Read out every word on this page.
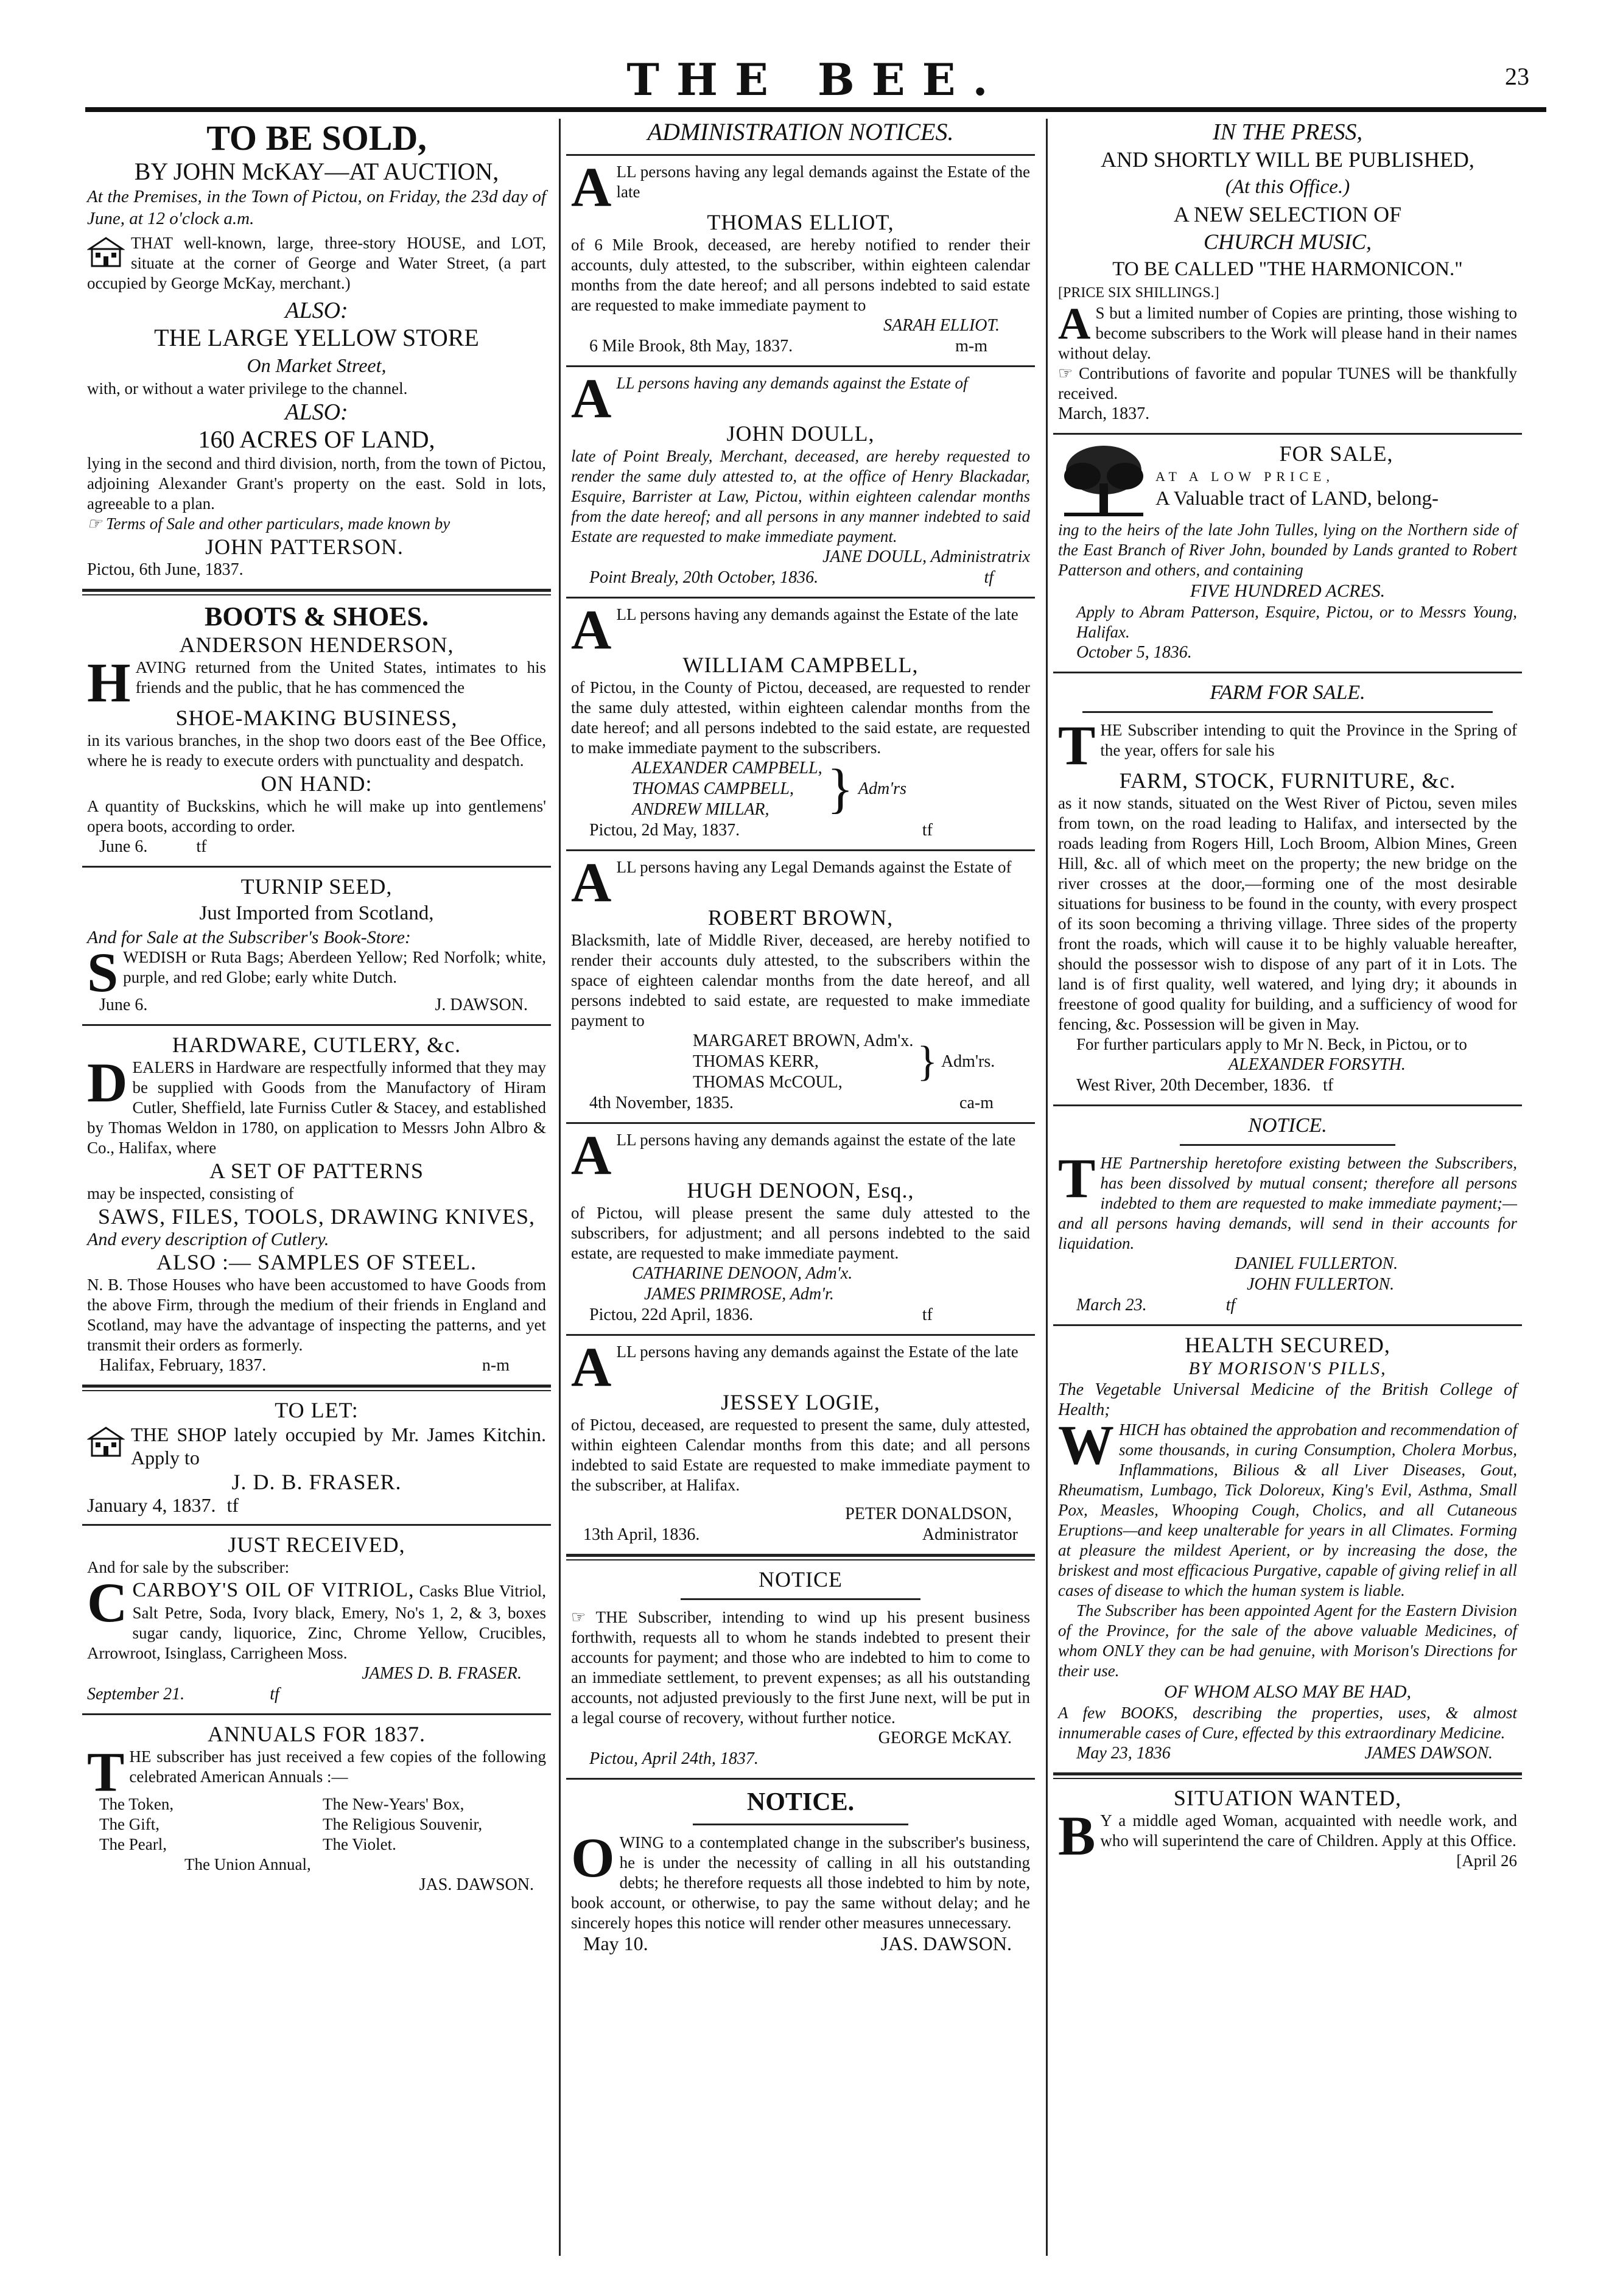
THE BEE.	23

TO BE SOLD,

BY JOHN McKAY—AT AUCTION,

At the Premises, in the Town of Pictou, on Friday, the 23d day of June, at 12 o'clock a.m.

THAT well-known, large, three-story HOUSE, and LOT, situate at the corner of George and Water Street, (a part occupied by George McKay, merchant.)

ALSO:

THE LARGE YELLOW STORE

On Market Street,

with, or without a water privilege to the channel.

ALSO:

160 ACRES OF LAND,

lying in the second and third division, north, from the town of Pictou, adjoining Alexander Grant's property on the east. Sold in lots, agreeable to a plan.

☞ Terms of Sale and other particulars, made known by

JOHN PATTERSON.

Pictou, 6th June, 1837.

BOOTS & SHOES.

ANDERSON HENDERSON,

HAVING returned from the United States, intimates to his friends and the public, that he has commenced the

SHOE-MAKING BUSINESS,

in its various branches, in the shop two doors east of the Bee Office, where he is ready to execute orders with punctuality and despatch.

ON HAND:

A quantity of Buckskins, which he will make up into gentlemens' opera boots, according to order.

June 6.	tf

TURNIP SEED,

Just Imported from Scotland,

And for Sale at the Subscriber's Book-Store:

SWEDISH or Ruta Bags; Aberdeen Yellow; Red Norfolk; white, purple, and red Globe; early white Dutch.

June 6.	J. DAWSON.

HARDWARE, CUTLERY, &c.

DEALERS in Hardware are respectfully informed that they may be supplied with Goods from the Manufactory of Hiram Cutler, Sheffield, late Furniss Cutler & Stacey, and established by Thomas Weldon in 1780, on application to Messrs John Albro & Co., Halifax, where

A SET OF PATTERNS

may be inspected, consisting of

SAWS, FILES, TOOLS, DRAWING KNIVES,

And every description of Cutlery.

ALSO :— SAMPLES OF STEEL.

N. B. Those Houses who have been accustomed to have Goods from the above Firm, through the medium of their friends in England and Scotland, may have the advantage of inspecting the patterns, and yet transmit their orders as formerly.

Halifax, February, 1837.	n-m

TO LET:

THE SHOP lately occupied by Mr. James Kitchin. Apply to

J. D. B. FRASER.

January 4, 1837. tf

JUST RECEIVED,

And for sale by the subscriber:

CCARBOY'S OIL OF VITRIOL, Casks Blue Vitriol, Salt Petre, Soda, Ivory black, Emery, No's 1, 2, & 3, boxes sugar candy, liquorice, Zinc, Chrome Yellow, Crucibles, Arrowroot, Isinglass, Carrigheen Moss.

JAMES D. B. FRASER.

September 21.	tf

ANNUALS FOR 1837.

THE subscriber has just received a few copies of the following celebrated American Annuals :—

The Token,	The New-Years' Box,
The Gift,	The Religious Souvenir,
The Pearl,	The Violet.

The Union Annual,

JAS. DAWSON.

ADMINISTRATION NOTICES.

ALL persons having any legal demands against the Estate of the late

THOMAS ELLIOT,

of 6 Mile Brook, deceased, are hereby notified to render their accounts, duly attested, to the subscriber, within eighteen calendar months from the date hereof; and all persons indebted to said estate are requested to make immediate payment to

SARAH ELLIOT.

6 Mile Brook, 8th May, 1837.	m-m

ALL persons having any demands against the Estate of

JOHN DOULL,

late of Point Brealy, Merchant, deceased, are hereby requested to render the same duly attested to, at the office of Henry Blackadar, Esquire, Barrister at Law, Pictou, within eighteen calendar months from the date hereof; and all persons in any manner indebted to said Estate are requested to make immediate payment.

JANE DOULL, Administratrix

Point Brealy, 20th October, 1836.	tf

ALL persons having any demands against the Estate of the late

WILLIAM CAMPBELL,

of Pictou, in the County of Pictou, deceased, are requested to render the same duly attested, within eighteen calendar months from the date hereof; and all persons indebted to the said estate, are requested to make immediate payment to the subscribers.

ALEXANDER CAMPBELL,

THOMAS CAMPBELL,

ANDREW MILLAR,	} Adm'rs

Pictou, 2d May, 1837.	tf

ALL persons having any Legal Demands against the Estate of

ROBERT BROWN,

Blacksmith, late of Middle River, deceased, are hereby notified to render their accounts duly attested, to the subscribers within the space of eighteen calendar months from the date hereof, and all persons indebted to said estate, are requested to make immediate payment to

MARGARET BROWN, Adm'x.

THOMAS KERR,

THOMAS McCOUL,	} Adm'rs.

4th November, 1835.	ca-m

ALL persons having any demands against the estate of the late

HUGH DENOON, Esq.,

of Pictou, will please present the same duly attested to the subscribers, for adjustment; and all persons indebted to the said estate, are requested to make immediate payment.

CATHARINE DENOON, Adm'x.

JAMES PRIMROSE, Adm'r.

Pictou, 22d April, 1836.	tf

ALL persons having any demands against the Estate of the late

JESSEY LOGIE,

of Pictou, deceased, are requested to present the same, duly attested, within eighteen Calendar months from this date; and all persons indebted to said Estate are requested to make immediate payment to the subscriber, at Halifax.

PETER DONALDSON,

13th April, 1836.	Administrator

NOTICE

☞ THE Subscriber, intending to wind up his present business forthwith, requests all to whom he stands indebted to present their accounts for payment; and those who are indebted to him to come to an immediate settlement, to prevent expenses; as all his outstanding accounts, not adjusted previously to the first June next, will be put in a legal course of recovery, without further notice.

GEORGE McKAY.

Pictou, April 24th, 1837.

NOTICE.

OWING to a contemplated change in the subscriber's business, he is under the necessity of calling in all his outstanding debts; he therefore requests all those indebted to him by note, book account, or otherwise, to pay the same without delay; and he sincerely hopes this notice will render other measures unnecessary.

May 10.	JAS. DAWSON.

IN THE PRESS,

AND SHORTLY WILL BE PUBLISHED,

(At this Office.)

A NEW SELECTION OF

CHURCH MUSIC,

TO BE CALLED "THE HARMONICON."

[PRICE SIX SHILLINGS.]

A S but a limited number of Copies are printing, those wishing to become subscribers to the Work will please hand in their names without delay.

☞ Contributions of favorite and popular TUNES will be thankfully received.

March, 1837.

FOR SALE,

AT A LOW PRICE,

A Valuable tract of LAND, belong-

ing to the heirs of the late John Tulles, lying on the Northern side of the East Branch of River John, bounded by Lands granted to Robert Patterson and others, and containing

FIVE HUNDRED ACRES.

Apply to Abram Patterson, Esquire, Pictou, or to Messrs Young, Halifax.

October 5, 1836.

FARM FOR SALE.

THE Subscriber intending to quit the Province in the Spring of the year, offers for sale his

FARM, STOCK, FURNITURE, &c.

as it now stands, situated on the West River of Pictou, seven miles from town, on the road leading to Halifax, and intersected by the roads leading from Rogers Hill, Loch Broom, Albion Mines, Green Hill, &c. all of which meet on the property; the new bridge on the river crosses at the door,—forming one of the most desirable situations for business to be found in the county, with every prospect of its soon becoming a thriving village. Three sides of the property front the roads, which will cause it to be highly valuable hereafter, should the possessor wish to dispose of any part of it in Lots. The land is of first quality, well watered, and lying dry; it abounds in freestone of good quality for building, and a sufficiency of wood for fencing, &c. Possession will be given in May.

For further particulars apply to Mr N. Beck, in Pictou, or to

ALEXANDER FORSYTH.

West River, 20th December, 1836. tf

NOTICE.

THE Partnership heretofore existing between the Subscribers, has been dissolved by mutual consent; therefore all persons indebted to them are requested to make immediate payment;—and all persons having demands, will send in their accounts for liquidation.

DANIEL FULLERTON.

JOHN FULLERTON.

March 23.	tf

HEALTH SECURED,

BY MORISON'S PILLS,

The Vegetable Universal Medicine of the British College of Health;

WHICH has obtained the approbation and recommendation of some thousands, in curing Consumption, Cholera Morbus, Inflammations, Bilious & all Liver Diseases, Gout, Rheumatism, Lumbago, Tick Doloreux, King's Evil, Asthma, Small Pox, Measles, Whooping Cough, Cholics, and all Cutaneous Eruptions—and keep unalterable for years in all Climates. Forming at pleasure the mildest Aperient, or by increasing the dose, the briskest and most efficacious Purgative, capable of giving relief in all cases of disease to which the human system is liable.

The Subscriber has been appointed Agent for the Eastern Division of the Province, for the sale of the above valuable Medicines, of whom ONLY they can be had genuine, with Morison's Directions for their use.

OF WHOM ALSO MAY BE HAD,

A few BOOKS, describing the properties, uses, & almost innumerable cases of Cure, effected by this extraordinary Medicine.

May 23, 1836	JAMES DAWSON.

SITUATION WANTED,

B Y a middle aged Woman, acquainted with needle work, and who will superintend the care of Children. Apply at this Office.
[April 26
